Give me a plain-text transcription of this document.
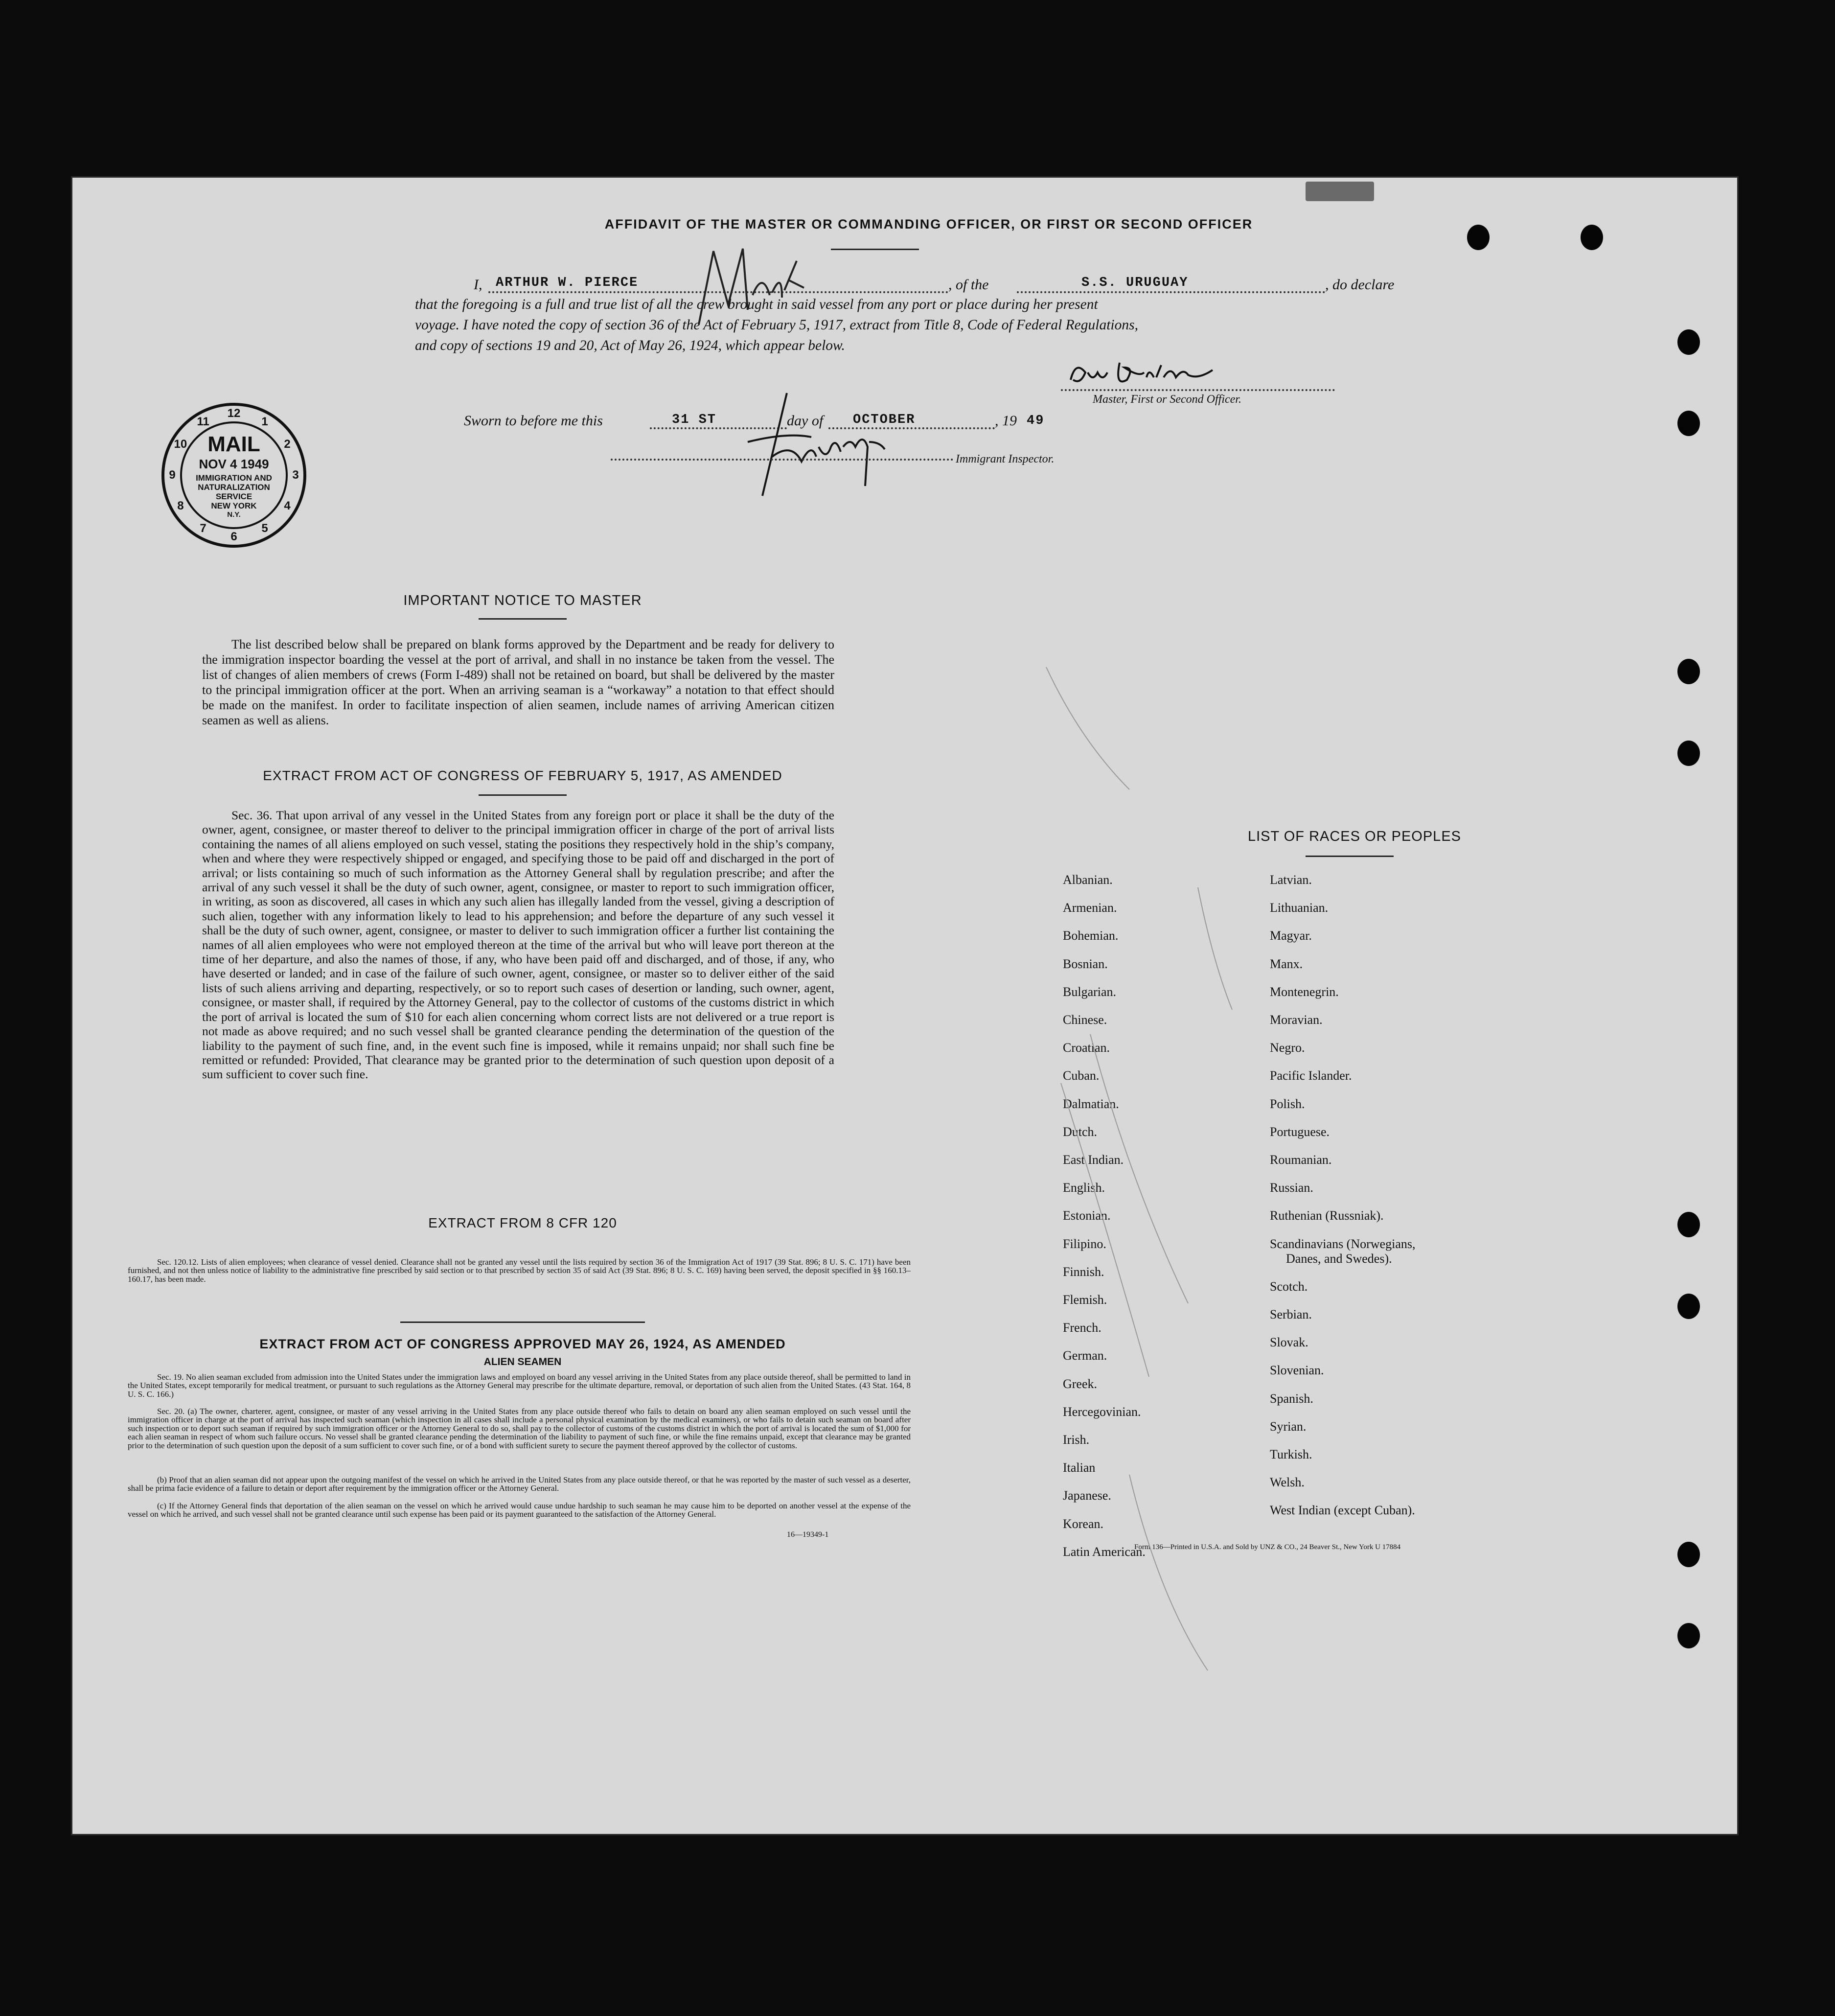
AFFIDAVIT OF THE MASTER OR COMMANDING OFFICER, OR FIRST OR SECOND OFFICER
I, ARTHUR W. PIERCE	, of the	S.S. URUGUAY	, do declare
that the foregoing is a full and true list of all the crew brought in said vessel from any port or place during her present
voyage. I have noted the copy of section 36 of the Act of February 5, 1917, extract from Title 8, Code of Federal Regulations,
and copy of sections 19 and 20, Act of May 26, 1924, which appear below.
Master, First or Second Officer.
Sworn to before me this	31 ST	day of OCTOBER	, 19 49
Immigrant Inspector.
12
1
2
3
4
5
6
7
8
9
10
11
MAIL
NOV 4 1949
IMMIGRATION AND
NATURALIZATION
SERVICE
NEW YORK
N.Y.
IMPORTANT NOTICE TO MASTER
The list described below shall be prepared on blank forms approved by the Department and be ready for delivery to the immigration inspector boarding the vessel at the port of arrival, and shall in no instance be taken from the vessel. The list of changes of alien members of crews (Form I-489) shall not be retained on board, but shall be delivered by the master to the principal immigration officer at the port. When an arriving seaman is a “workaway” a notation to that effect should be made on the manifest. In order to facilitate inspection of alien seamen, include names of arriving American citizen seamen as well as aliens.
EXTRACT FROM ACT OF CONGRESS OF FEBRUARY 5, 1917, AS AMENDED
Sec. 36. That upon arrival of any vessel in the United States from any foreign port or place it shall be the duty of the owner, agent, consignee, or master thereof to deliver to the principal immigration officer in charge of the port of arrival lists containing the names of all aliens employed on such vessel, stating the positions they respectively hold in the ship’s company, when and where they were respectively shipped or engaged, and specifying those to be paid off and discharged in the port of arrival; or lists containing so much of such information as the Attorney General shall by regulation prescribe; and after the arrival of any such vessel it shall be the duty of such owner, agent, consignee, or master to report to such immigration officer, in writing, as soon as discovered, all cases in which any such alien has illegally landed from the vessel, giving a description of such alien, together with any information likely to lead to his apprehension; and before the departure of any such vessel it shall be the duty of such owner, agent, consignee, or master to deliver to such immigration officer a further list containing the names of all alien employees who were not employed thereon at the time of the arrival but who will leave port thereon at the time of her departure, and also the names of those, if any, who have been paid off and discharged, and of those, if any, who have deserted or landed; and in case of the failure of such owner, agent, consignee, or master so to deliver either of the said lists of such aliens arriving and departing, respectively, or so to report such cases of desertion or landing, such owner, agent, consignee, or master shall, if required by the Attorney General, pay to the collector of customs of the customs district in which the port of arrival is located the sum of $10 for each alien concerning whom correct lists are not delivered or a true report is not made as above required; and no such vessel shall be granted clearance pending the determination of the question of the liability to the payment of such fine, and, in the event such fine is imposed, while it remains unpaid; nor shall such fine be remitted or refunded: Provided, That clearance may be granted prior to the determination of such question upon deposit of a sum sufficient to cover such fine.
EXTRACT FROM 8 CFR 120
Sec. 120.12. Lists of alien employees; when clearance of vessel denied. Clearance shall not be granted any vessel until the lists required by section 36 of the Immigration Act of 1917 (39 Stat. 896; 8 U. S. C. 171) have been furnished, and not then unless notice of liability to the administrative fine prescribed by said section or to that prescribed by section 35 of said Act (39 Stat. 896; 8 U. S. C. 169) having been served, the deposit specified in §§ 160.13–160.17, has been made.
EXTRACT FROM ACT OF CONGRESS APPROVED MAY 26, 1924, AS AMENDED
ALIEN SEAMEN
Sec. 19. No alien seaman excluded from admission into the United States under the immigration laws and employed on board any vessel arriving in the United States from any place outside thereof, shall be permitted to land in the United States, except temporarily for medical treatment, or pursuant to such regulations as the Attorney General may prescribe for the ultimate departure, removal, or deportation of such alien from the United States. (43 Stat. 164, 8 U. S. C. 166.)
Sec. 20. (a) The owner, charterer, agent, consignee, or master of any vessel arriving in the United States from any place outside thereof who fails to detain on board any alien seaman employed on such vessel until the immigration officer in charge at the port of arrival has inspected such seaman (which inspection in all cases shall include a personal physical examination by the medical examiners), or who fails to detain such seaman on board after such inspection or to deport such seaman if required by such immigration officer or the Attorney General to do so, shall pay to the collector of customs of the customs district in which the port of arrival is located the sum of $1,000 for each alien seaman in respect of whom such failure occurs. No vessel shall be granted clearance pending the determination of the liability to payment of such fine, or while the fine remains unpaid, except that clearance may be granted prior to the determination of such question upon the deposit of a sum sufficient to cover such fine, or of a bond with sufficient surety to secure the payment thereof approved by the collector of customs.
(b) Proof that an alien seaman did not appear upon the outgoing manifest of the vessel on which he arrived in the United States from any place outside thereof, or that he was reported by the master of such vessel as a deserter, shall be prima facie evidence of a failure to detain or deport after requirement by the immigration officer or the Attorney General.
(c) If the Attorney General finds that deportation of the alien seaman on the vessel on which he arrived would cause undue hardship to such seaman he may cause him to be deported on another vessel at the expense of the vessel on which he arrived, and such vessel shall not be granted clearance until such expense has been paid or its payment guaranteed to the satisfaction of the Attorney General.
16—19349-1
LIST OF RACES OR PEOPLES
Albanian.
Armenian.
Bohemian.
Bosnian.
Bulgarian.
Chinese.
Croatian.
Cuban.
Dalmatian.
Dutch.
East Indian.
English.
Estonian.
Filipino.
Finnish.
Flemish.
French.
German.
Greek.
Hercegovinian.
Irish.
Italian
Japanese.
Korean.
Latin American.
Latvian.
Lithuanian.
Magyar.
Manx.
Montenegrin.
Moravian.
Negro.
Pacific Islander.
Polish.
Portuguese.
Roumanian.
Russian.
Ruthenian (Russniak).
Scandinavians (Norwegians,
Danes, and Swedes).
Scotch.
Serbian.
Slovak.
Slovenian.
Spanish.
Syrian.
Turkish.
Welsh.
West Indian (except Cuban).
Form 136—Printed in U.S.A. and Sold by UNZ & CO., 24 Beaver St., New York U 17884
